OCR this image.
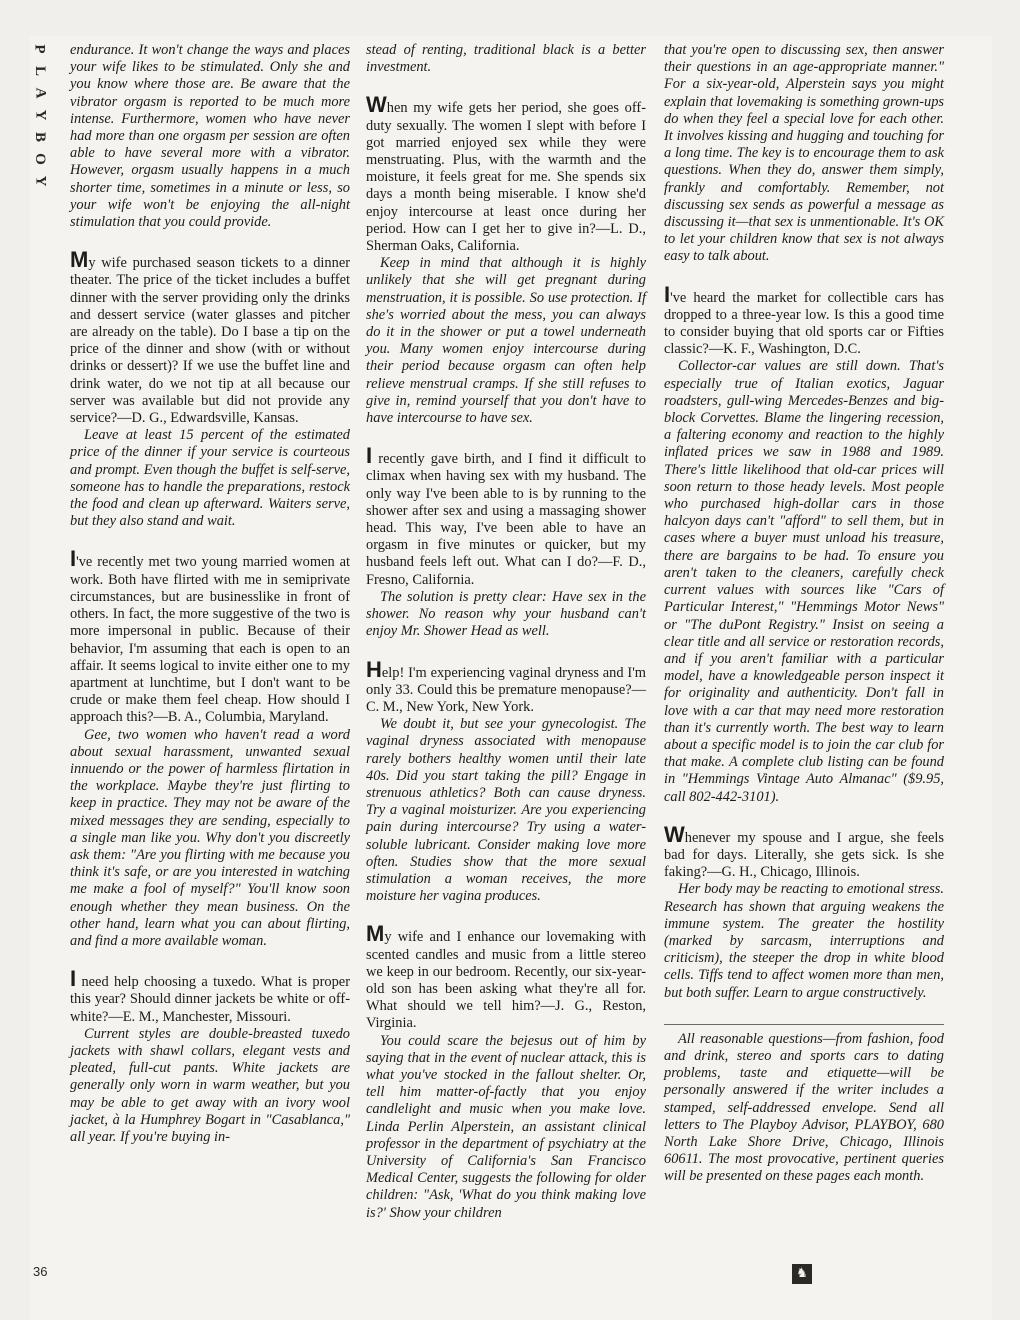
P
L
A
Y
B
O
Y

endurance. It won't change the ways and places your wife likes to be stimulated. Only she and you know where those are. Be aware that the vibrator orgasm is reported to be much more intense. Furthermore, women who have never had more than one orgasm per session are often able to have several more with a vibrator. However, orgasm usually happens in a much shorter time, sometimes in a minute or less, so your wife won't be enjoying the all-night stimulation that you could provide.

My wife purchased season tickets to a dinner theater. The price of the ticket includes a buffet dinner with the server providing only the drinks and dessert service (water glasses and pitcher are already on the table). Do I base a tip on the price of the dinner and show (with or without drinks or dessert)? If we use the buffet line and drink water, do we not tip at all because our server was available but did not provide any service?—D. G., Edwardsville, Kansas.

Leave at least 15 percent of the estimated price of the dinner if your service is courteous and prompt. Even though the buffet is self-serve, someone has to handle the preparations, restock the food and clean up afterward. Waiters serve, but they also stand and wait.

I've recently met two young married women at work. Both have flirted with me in semiprivate circumstances, but are businesslike in front of others. In fact, the more suggestive of the two is more impersonal in public. Because of their behavior, I'm assuming that each is open to an affair. It seems logical to invite either one to my apartment at lunchtime, but I don't want to be crude or make them feel cheap. How should I approach this?—B. A., Columbia, Maryland.

Gee, two women who haven't read a word about sexual harassment, unwanted sexual innuendo or the power of harmless flirtation in the workplace. Maybe they're just flirting to keep in practice. They may not be aware of the mixed messages they are sending, especially to a single man like you. Why don't you discreetly ask them: "Are you flirting with me because you think it's safe, or are you interested in watching me make a fool of myself?" You'll know soon enough whether they mean business. On the other hand, learn what you can about flirting, and find a more available woman.

I need help choosing a tuxedo. What is proper this year? Should dinner jackets be white or off-white?—E. M., Manchester, Missouri.

Current styles are double-breasted tuxedo jackets with shawl collars, elegant vests and pleated, full-cut pants. White jackets are generally only worn in warm weather, but you may be able to get away with an ivory wool jacket, à la Humphrey Bogart in "Casablanca," all year. If you're buying in-

stead of renting, traditional black is a better investment.

When my wife gets her period, she goes off-duty sexually. The women I slept with before I got married enjoyed sex while they were menstruating. Plus, with the warmth and the moisture, it feels great for me. She spends six days a month being miserable. I know she'd enjoy intercourse at least once during her period. How can I get her to give in?—L. D., Sherman Oaks, California.

Keep in mind that although it is highly unlikely that she will get pregnant during menstruation, it is possible. So use protection. If she's worried about the mess, you can always do it in the shower or put a towel underneath you. Many women enjoy intercourse during their period because orgasm can often help relieve menstrual cramps. If she still refuses to give in, remind yourself that you don't have to have intercourse to have sex.

I recently gave birth, and I find it difficult to climax when having sex with my husband. The only way I've been able to is by running to the shower after sex and using a massaging shower head. This way, I've been able to have an orgasm in five minutes or quicker, but my husband feels left out. What can I do?—F. D., Fresno, California.

The solution is pretty clear: Have sex in the shower. No reason why your husband can't enjoy Mr. Shower Head as well.

Help! I'm experiencing vaginal dryness and I'm only 33. Could this be premature menopause?—C. M., New York, New York.

We doubt it, but see your gynecologist. The vaginal dryness associated with menopause rarely bothers healthy women until their late 40s. Did you start taking the pill? Engage in strenuous athletics? Both can cause dryness. Try a vaginal moisturizer. Are you experiencing pain during intercourse? Try using a water-soluble lubricant. Consider making love more often. Studies show that the more sexual stimulation a woman receives, the more moisture her vagina produces.

My wife and I enhance our lovemaking with scented candles and music from a little stereo we keep in our bedroom. Recently, our six-year-old son has been asking what they're all for. What should we tell him?—J. G., Reston, Virginia.

You could scare the bejesus out of him by saying that in the event of nuclear attack, this is what you've stocked in the fallout shelter. Or, tell him matter-of-factly that you enjoy candlelight and music when you make love. Linda Perlin Alperstein, an assistant clinical professor in the department of psychiatry at the University of California's San Francisco Medical Center, suggests the following for older children: "Ask, 'What do you think making love is?' Show your children

that you're open to discussing sex, then answer their questions in an age-appropriate manner." For a six-year-old, Alperstein says you might explain that lovemaking is something grown-ups do when they feel a special love for each other. It involves kissing and hugging and touching for a long time. The key is to encourage them to ask questions. When they do, answer them simply, frankly and comfortably. Remember, not discussing sex sends as powerful a message as discussing it—that sex is unmentionable. It's OK to let your children know that sex is not always easy to talk about.

I've heard the market for collectible cars has dropped to a three-year low. Is this a good time to consider buying that old sports car or Fifties classic?—K. F., Washington, D.C.

Collector-car values are still down. That's especially true of Italian exotics, Jaguar roadsters, gull-wing Mercedes-Benzes and big-block Corvettes. Blame the lingering recession, a faltering economy and reaction to the highly inflated prices we saw in 1988 and 1989. There's little likelihood that old-car prices will soon return to those heady levels. Most people who purchased high-dollar cars in those halcyon days can't "afford" to sell them, but in cases where a buyer must unload his treasure, there are bargains to be had. To ensure you aren't taken to the cleaners, carefully check current values with sources like "Cars of Particular Interest," "Hemmings Motor News" or "The duPont Registry." Insist on seeing a clear title and all service or restoration records, and if you aren't familiar with a particular model, have a knowledgeable person inspect it for originality and authenticity. Don't fall in love with a car that may need more restoration than it's currently worth. The best way to learn about a specific model is to join the car club for that make. A complete club listing can be found in "Hemmings Vintage Auto Almanac" ($9.95, call 802-442-3101).

Whenever my spouse and I argue, she feels bad for days. Literally, she gets sick. Is she faking?—G. H., Chicago, Illinois.

Her body may be reacting to emotional stress. Research has shown that arguing weakens the immune system. The greater the hostility (marked by sarcasm, interruptions and criticism), the steeper the drop in white blood cells. Tiffs tend to affect women more than men, but both suffer. Learn to argue constructively.

All reasonable questions—from fashion, food and drink, stereo and sports cars to dating problems, taste and etiquette—will be personally answered if the writer includes a stamped, self-addressed envelope. Send all letters to The Playboy Advisor, PLAYBOY, 680 North Lake Shore Drive, Chicago, Illinois 60611. The most provocative, pertinent queries will be presented on these pages each month.

36	♞
